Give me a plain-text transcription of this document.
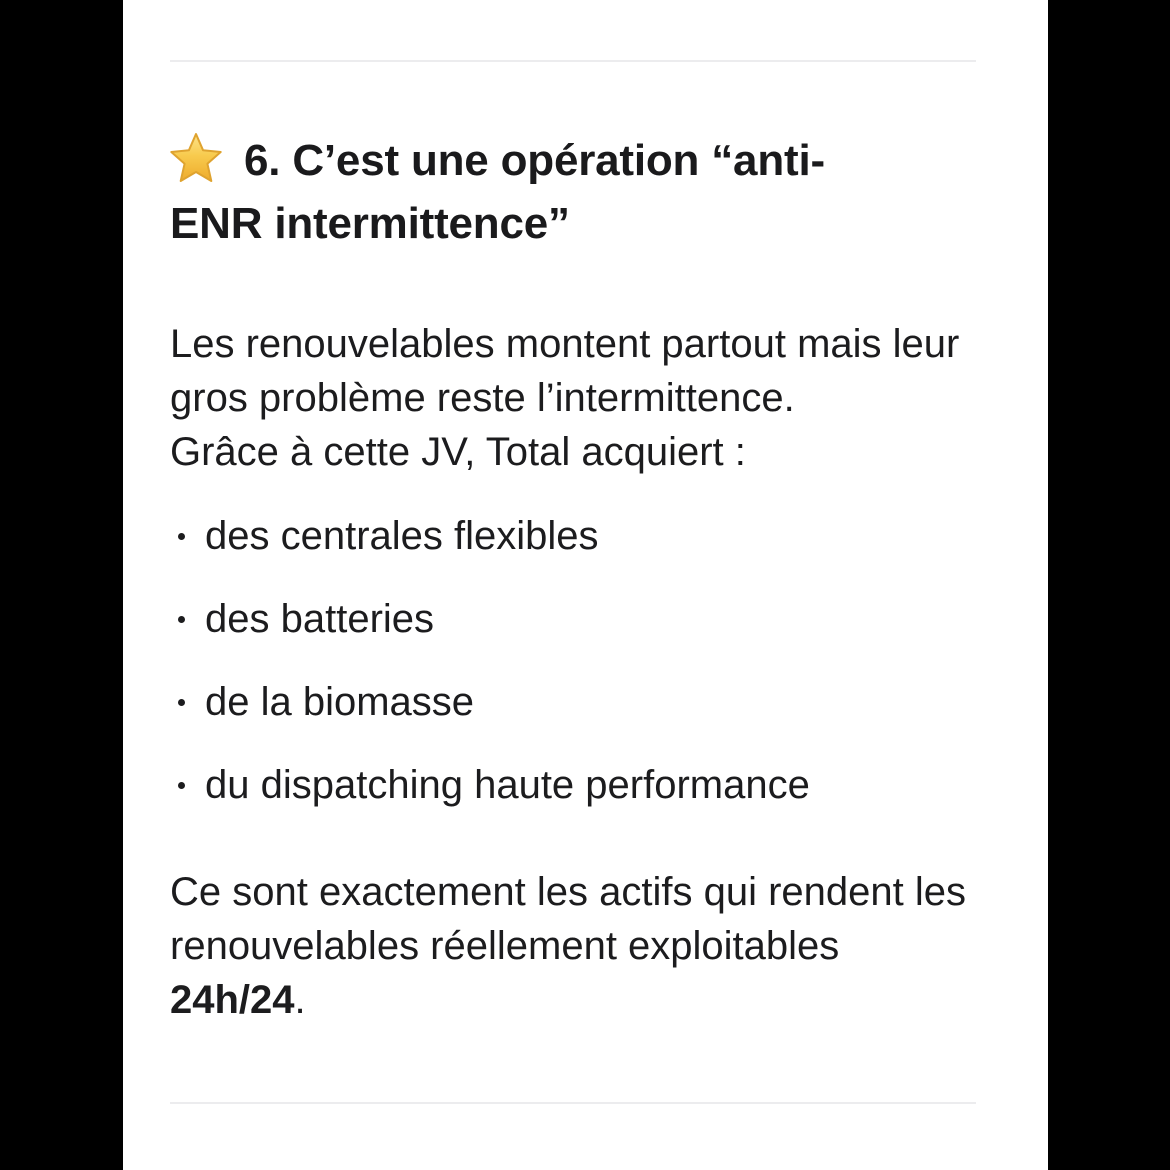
6. C’est une opération “anti-
ENR intermittence”

Les renouvelables montent partout mais leur gros problème reste l’intermittence.
Grâce à cette JV, Total acquiert :

des centrales flexibles
des batteries
de la biomasse
du dispatching haute performance

Ce sont exactement les actifs qui rendent les renouvelables réellement exploitables 24h/24.
